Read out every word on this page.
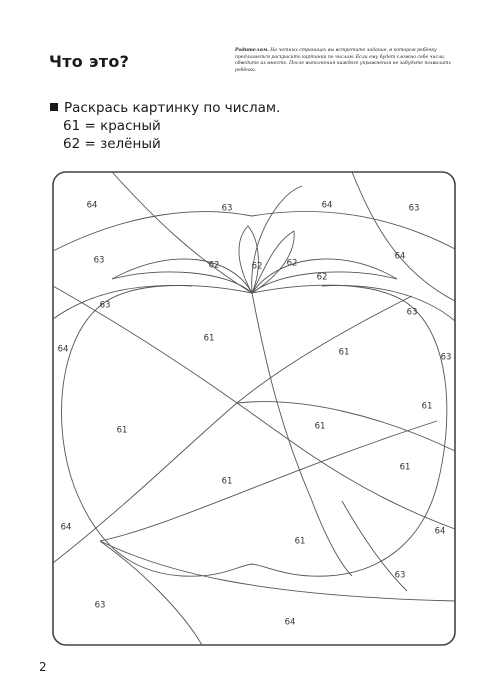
Что это?
Родителям. На четных страницах вы встретите задание, в котором ребёнку предлагается раскрасить картинки по числам. Если ему будет сложно себе числа, обведите их вместе. После выполнения каждого упражнения не забудьте похвалить ребёнка.
Раскрась картинку по числам.
61 = красный
62 = зелёный
64	63	64	63
63	62	62	62
62
64
63
63
64
61
61	63
61
61	61
61
61
61
64	64
63
63
64
2
